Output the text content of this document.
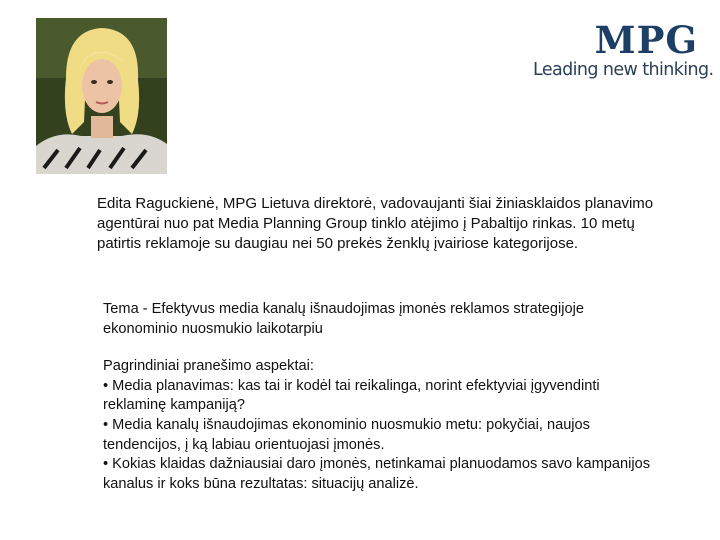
MPG
Leading new thinking.
Edita Raguckienė, MPG Lietuva direktorė, vadovaujanti šiai žiniasklaidos planavimo agentūrai nuo pat Media Planning Group tinklo atėjimo į Pabaltijo rinkas. 10 metų patirtis reklamoje su daugiau nei 50 prekės ženklų įvairiose kategorijose.

Tema - Efektyvus media kanalų išnaudojimas įmonės reklamos strategijoje ekonominio nuosmukio laikotarpiu

Pagrindiniai pranešimo aspektai:

• Media planavimas: kas tai ir kodėl tai reikalinga, norint efektyviai įgyvendinti reklaminę kampaniją?

• Media kanalų išnaudojimas ekonominio nuosmukio metu: pokyčiai, naujos tendencijos, į ką labiau orientuojasi įmonės.

• Kokias klaidas dažniausiai daro įmonės, netinkamai planuodamos savo kampanijos kanalus ir koks būna rezultatas: situacijų analizė.
